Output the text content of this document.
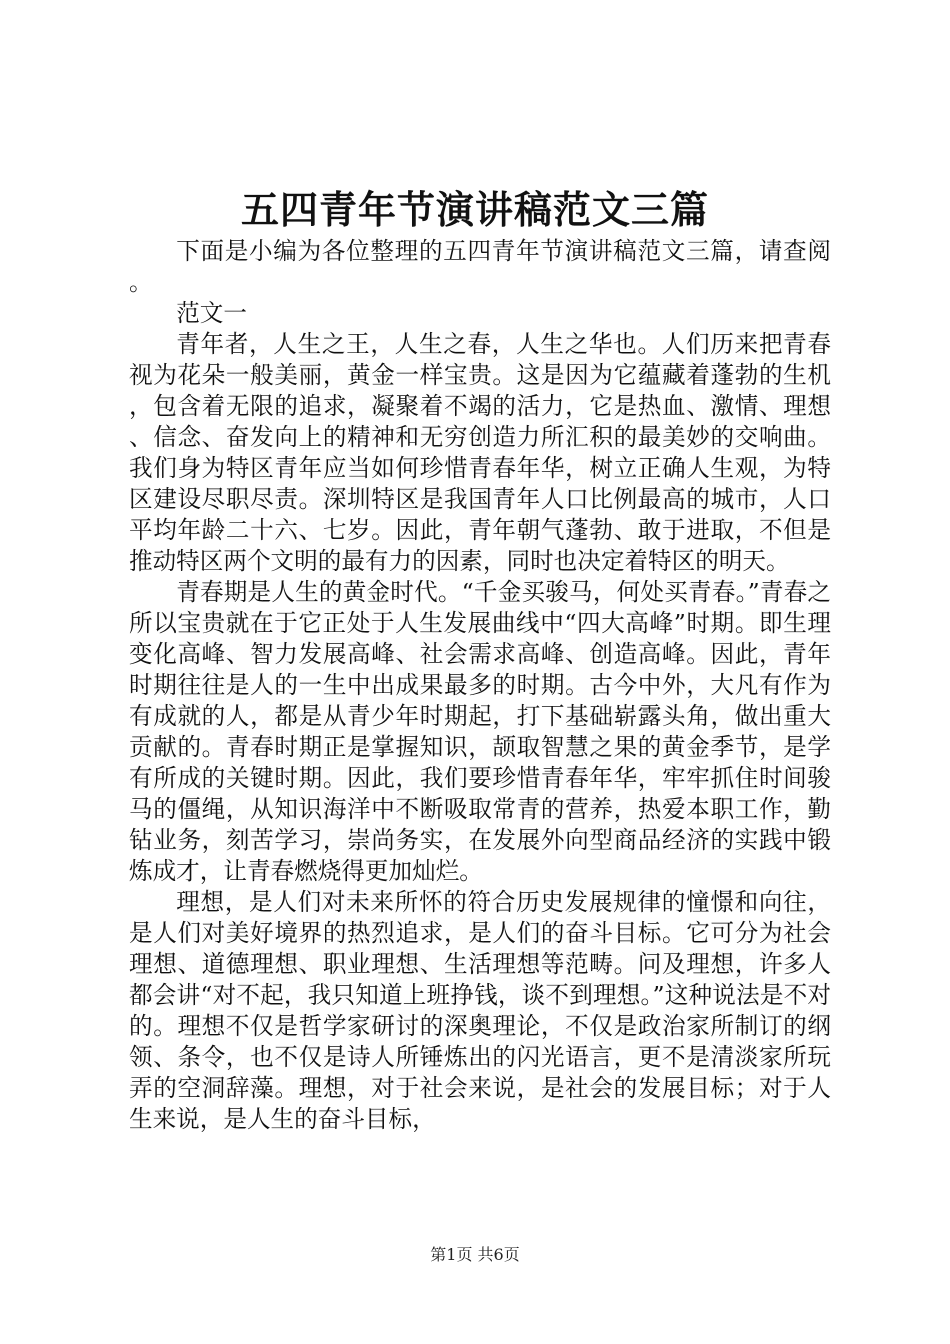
五四青年节演讲稿范文三篇

下面是小编为各位整理的五四青年节演讲稿范文三篇，请查阅。

范文一

青年者，人生之王，人生之春，人生之华也。人们历来把青春视为花朵一般美丽，黄金一样宝贵。这是因为它蕴藏着蓬勃的生机，包含着无限的追求，凝聚着不竭的活力，它是热血、激情、理想、信念、奋发向上的精神和无穷创造力所汇积的最美妙的交响曲。我们身为特区青年应当如何珍惜青春年华，树立正确人生观，为特区建设尽职尽责。深圳特区是我国青年人口比例最高的城市，人口平均年龄二十六、七岁。因此，青年朝气蓬勃、敢于进取，不但是推动特区两个文明的最有力的因素，同时也决定着特区的明天。

青春期是人生的黄金时代。“千金买骏马，何处买青春。”青春之所以宝贵就在于它正处于人生发展曲线中“四大高峰”时期。即生理变化高峰、智力发展高峰、社会需求高峰、创造高峰。因此，青年时期往往是人的一生中出成果最多的时期。古今中外，大凡有作为有成就的人，都是从青少年时期起，打下基础崭露头角，做出重大贡献的。青春时期正是掌握知识，颉取智慧之果的黄金季节，是学有所成的关键时期。因此，我们要珍惜青春年华，牢牢抓住时间骏马的僵绳，从知识海洋中不断吸取常青的营养，热爱本职工作，勤钻业务，刻苦学习，崇尚务实，在发展外向型商品经济的实践中锻炼成才，让青春燃烧得更加灿烂。

理想，是人们对未来所怀的符合历史发展规律的憧憬和向往，是人们对美好境界的热烈追求，是人们的奋斗目标。它可分为社会理想、道德理想、职业理想、生活理想等范畴。问及理想，许多人都会讲“对不起，我只知道上班挣钱，谈不到理想。”这种说法是不对的。理想不仅是哲学家研讨的深奥理论，不仅是政治家所制订的纲领、条令，也不仅是诗人所锤炼出的闪光语言，更不是清淡家所玩弄的空洞辞藻。理想，对于社会来说，是社会的发展目标；对于人生来说，是人生的奋斗目标，

第1页 共6页
